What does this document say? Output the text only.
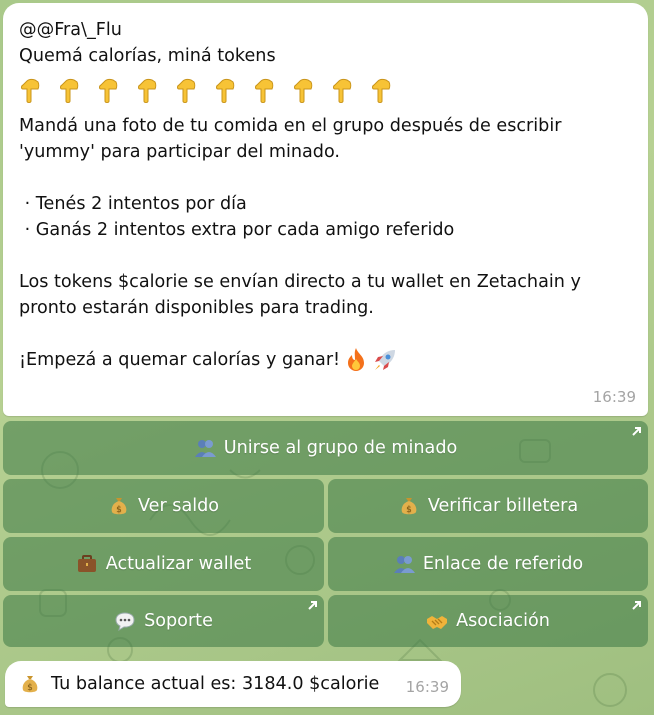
@@Fra\_Flu
Quemá calorías, miná tokens
Mandá una foto de tu comida en el grupo después de escribir
'yummy' para participar del minado.
· Tenés 2 intentos por día
· Ganás 2 intentos extra por cada amigo referido
Los tokens $calorie se envían directo a tu wallet en Zetachain y
pronto estarán disponibles para trading.
¡Empezá a quemar calorías y ganar!
16:39
Unirse al grupo de minado
$ Ver saldo	$ Verificar billetera
Actualizar wallet	Enlace de referido
Soporte	Asociación
$ Tu balance actual es: 3184.0 $calorie 16:39
